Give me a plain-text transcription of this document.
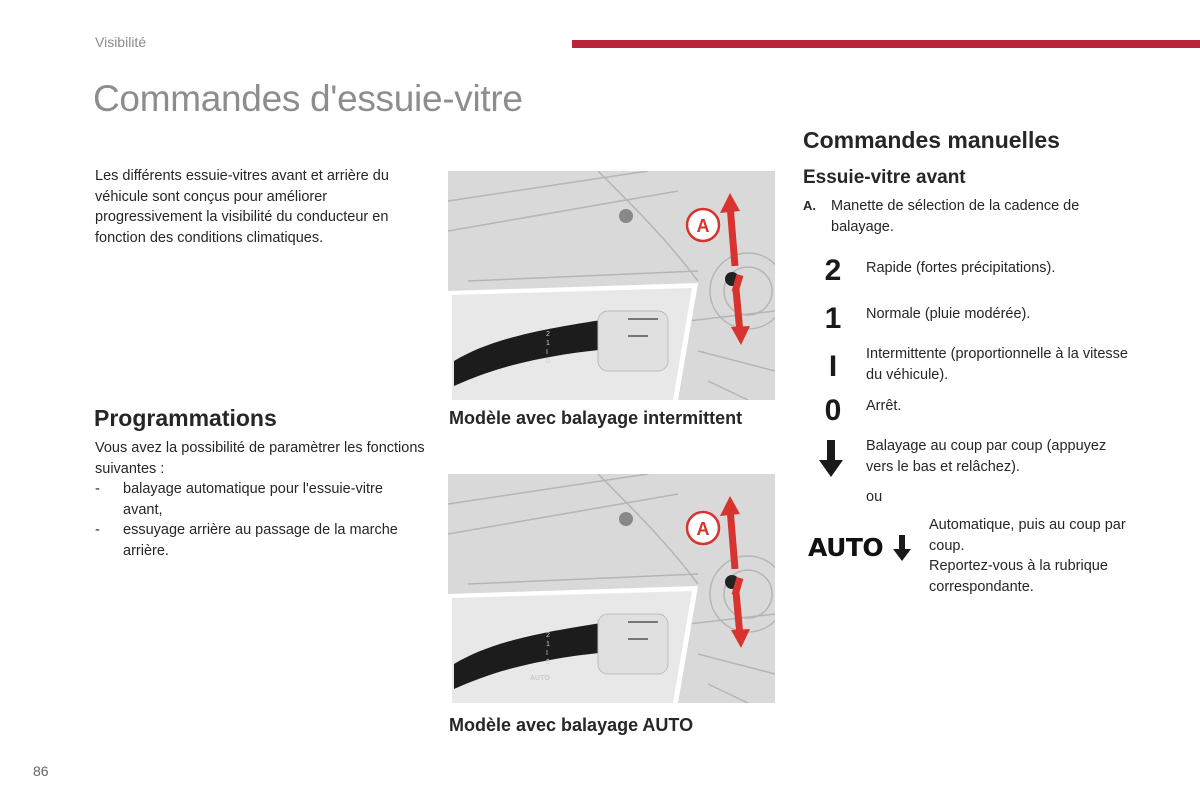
Visibilité
Commandes d'essuie-vitre

Les différents essuie-vitres avant et arrière du véhicule sont conçus pour améliorer progressivement la visibilité du conducteur en fonction des conditions climatiques.

Programmations
Vous avez la possibilité de paramètrer les fonctions suivantes :
- balayage automatique pour l'essuie-vitre avant,
- essuyage arrière au passage de la marche arrière.
2
1
I
0
A
Modèle avec balayage intermittent
2
1
I
0
AUTO
A
Modèle avec balayage AUTO
Commandes manuelles
Essuie-vitre avant
A. Manette de sélection de la cadence de balayage.
2 Rapide (fortes précipitations).
1 Normale (pluie modérée).
I	Intermittente (proportionnelle à la vitesse du véhicule).
0 Arrêt.
Balayage au coup par coup (appuyez vers le bas et relâchez).
ou
AUTO
Automatique, puis au coup par coup.
Reportez-vous à la rubrique correspondante.
86
